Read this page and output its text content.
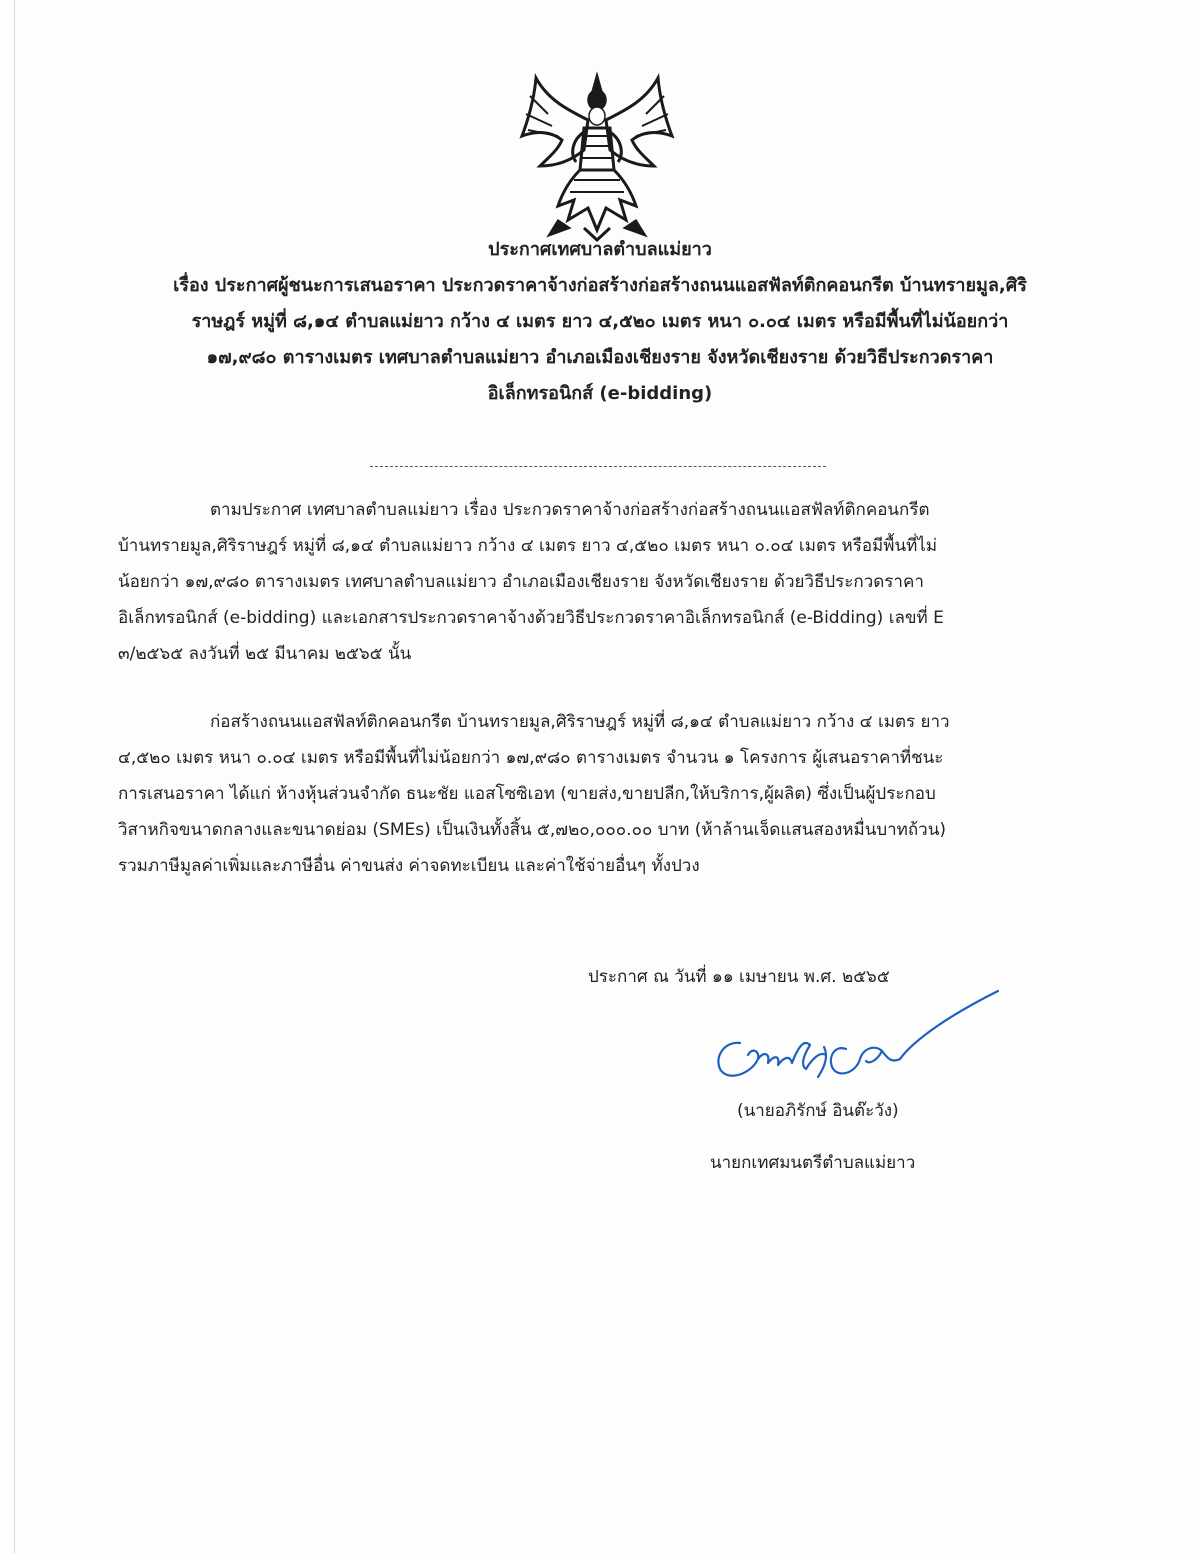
ประกาศเทศบาลตำบลแม่ยาว

เรื่อง ประกาศผู้ชนะการเสนอราคา ประกวดราคาจ้างก่อสร้างก่อสร้างถนนแอสฟัลท์ติกคอนกรีต บ้านทรายมูล,ศิริ

ราษฎร์ หมู่ที่ ๘,๑๔ ตำบลแม่ยาว กว้าง ๔ เมตร ยาว ๔,๕๒๐ เมตร หนา ๐.๐๔ เมตร หรือมีพื้นที่ไม่น้อยกว่า

๑๗,๙๘๐ ตารางเมตร เทศบาลตำบลแม่ยาว อำเภอเมืองเชียงราย จังหวัดเชียงราย ด้วยวิธีประกวดราคา

อิเล็กทรอนิกส์ (e-bidding)

ตามประกาศ เทศบาลตำบลแม่ยาว เรื่อง ประกวดราคาจ้างก่อสร้างก่อสร้างถนนแอสฟัลท์ติกคอนกรีต
บ้านทรายมูล,ศิริราษฎร์ หมู่ที่ ๘,๑๔ ตำบลแม่ยาว กว้าง ๔ เมตร ยาว ๔,๕๒๐ เมตร หนา ๐.๐๔ เมตร หรือมีพื้นที่ไม่
น้อยกว่า ๑๗,๙๘๐ ตารางเมตร เทศบาลตำบลแม่ยาว อำเภอเมืองเชียงราย จังหวัดเชียงราย ด้วยวิธีประกวดราคา
อิเล็กทรอนิกส์ (e-bidding) และเอกสารประกวดราคาจ้างด้วยวิธีประกวดราคาอิเล็กทรอนิกส์ (e-Bidding) เลขที่ E
๓/๒๕๖๕ ลงวันที่ ๒๕ มีนาคม ๒๕๖๕ นั้น
ก่อสร้างถนนแอสฟัลท์ติกคอนกรีต บ้านทรายมูล,ศิริราษฎร์ หมู่ที่ ๘,๑๔ ตำบลแม่ยาว กว้าง ๔ เมตร ยาว
๔,๕๒๐ เมตร หนา ๐.๐๔ เมตร หรือมีพื้นที่ไม่น้อยกว่า ๑๗,๙๘๐ ตารางเมตร จำนวน ๑ โครงการ ผู้เสนอราคาที่ชนะ
การเสนอราคา ได้แก่ ห้างหุ้นส่วนจำกัด ธนะชัย แอสโซซิเอท (ขายส่ง,ขายปลีก,ให้บริการ,ผู้ผลิต) ซึ่งเป็นผู้ประกอบ
วิสาหกิจขนาดกลางและขนาดย่อม (SMEs) เป็นเงินทั้งสิ้น ๕,๗๒๐,๐๐๐.๐๐ บาท (ห้าล้านเจ็ดแสนสองหมื่นบาทถ้วน)
รวมภาษีมูลค่าเพิ่มและภาษีอื่น ค่าขนส่ง ค่าจดทะเบียน และค่าใช้จ่ายอื่นๆ ทั้งปวง
ประกาศ ณ วันที่ ๑๑ เมษายน พ.ศ. ๒๕๖๕
(นายอภิรักษ์ อินต๊ะวัง)
นายกเทศมนตรีตำบลแม่ยาว
